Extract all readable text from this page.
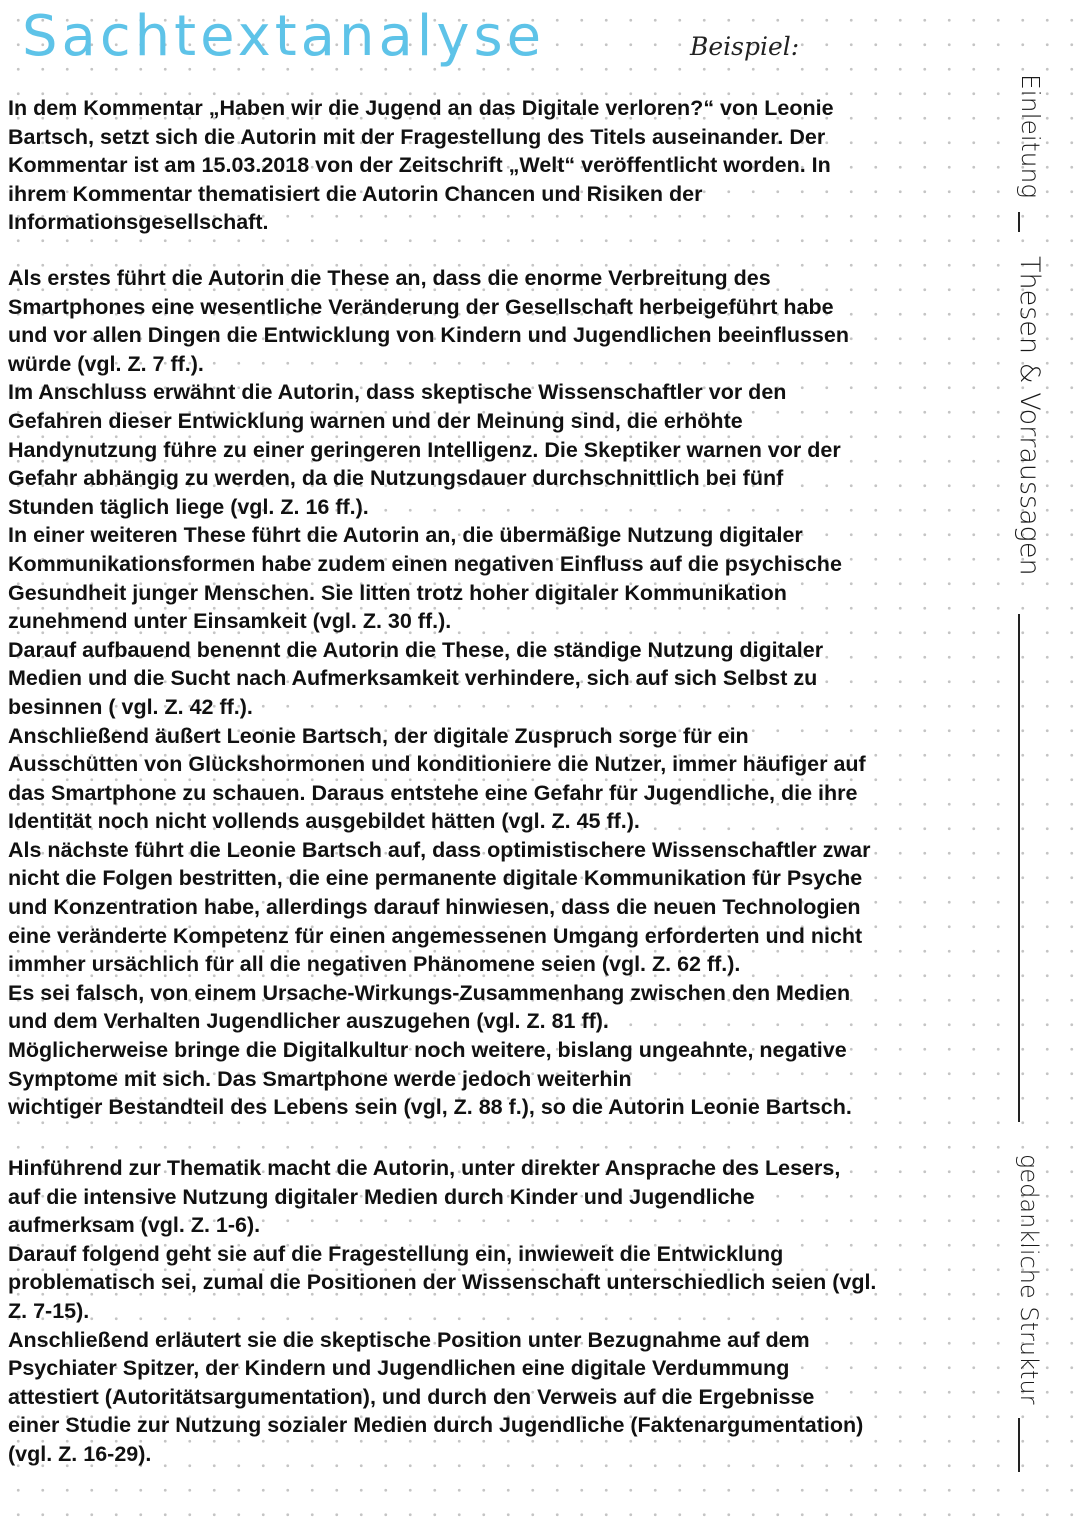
Sachtextanalyse	Beispiel:

In dem Kommentar „Haben wir die Jugend an das Digitale verloren?“ von Leonie
Bartsch, setzt sich die Autorin mit der Fragestellung des Titels auseinander. Der
Kommentar ist am 15.03.2018 von der Zeitschrift „Welt“ veröffentlicht worden. In
ihrem Kommentar thematisiert die Autorin Chancen und Risiken der
Informationsgesellschaft.

Als erstes führt die Autorin die These an, dass die enorme Verbreitung des
Smartphones eine wesentliche Veränderung der Gesellschaft herbeigeführt habe
und vor allen Dingen die Entwicklung von Kindern und Jugendlichen beeinflussen
würde (vgl. Z. 7 ff.).

Im Anschluss erwähnt die Autorin, dass skeptische Wissenschaftler vor den
Gefahren dieser Entwicklung warnen und der Meinung sind, die erhöhte
Handynutzung führe zu einer geringeren Intelligenz. Die Skeptiker warnen vor der
Gefahr abhängig zu werden, da die Nutzungsdauer durchschnittlich bei fünf
Stunden täglich liege (vgl. Z. 16 ff.).

In einer weiteren These führt die Autorin an, die übermäßige Nutzung digitaler
Kommunikationsformen habe zudem einen negativen Einfluss auf die psychische
Gesundheit junger Menschen. Sie litten trotz hoher digitaler Kommunikation
zunehmend unter Einsamkeit (vgl. Z. 30 ff.).

Darauf aufbauend benennt die Autorin die These, die ständige Nutzung digitaler
Medien und die Sucht nach Aufmerksamkeit verhindere, sich auf sich Selbst zu
besinnen ( vgl. Z. 42 ff.).

Anschließend äußert Leonie Bartsch, der digitale Zuspruch sorge für ein
Ausschütten von Glückshormonen und konditioniere die Nutzer, immer häufiger auf
das Smartphone zu schauen. Daraus entstehe eine Gefahr für Jugendliche, die ihre
Identität noch nicht vollends ausgebildet hätten (vgl. Z. 45 ff.).

Als nächste führt die Leonie Bartsch auf, dass optimistischere Wissenschaftler zwar
nicht die Folgen bestritten, die eine permanente digitale Kommunikation für Psyche
und Konzentration habe, allerdings darauf hinwiesen, dass die neuen Technologien
eine veränderte Kompetenz für einen angemessenen Umgang erforderten und nicht
immher ursächlich für all die negativen Phänomene seien (vgl. Z. 62 ff.).

Es sei falsch, von einem Ursache-Wirkungs-Zusammenhang zwischen den Medien
und dem Verhalten Jugendlicher auszugehen (vgl. Z. 81 ff).

Möglicherweise bringe die Digitalkultur noch weitere, bislang ungeahnte, negative
Symptome mit sich. Das Smartphone werde jedoch weiterhin
wichtiger Bestandteil des Lebens sein (vgl, Z. 88 f.), so die Autorin Leonie Bartsch.

Hinführend zur Thematik macht die Autorin, unter direkter Ansprache des Lesers,
auf die intensive Nutzung digitaler Medien durch Kinder und Jugendliche
aufmerksam (vgl. Z. 1-6).

Darauf folgend geht sie auf die Fragestellung ein, inwieweit die Entwicklung
problematisch sei, zumal die Positionen der Wissenschaft unterschiedlich seien (vgl.
Z. 7-15).

Anschließend erläutert sie die skeptische Position unter Bezugnahme auf dem
Psychiater Spitzer, der Kindern und Jugendlichen eine digitale Verdummung
attestiert (Autoritätsargumentation), und durch den Verweis auf die Ergebnisse
einer Studie zur Nutzung sozialer Medien durch Jugendliche (Faktenargumentation)
(vgl. Z. 16-29).

Einleitung
Thesen & Vorraussagen
gedankliche Struktur
